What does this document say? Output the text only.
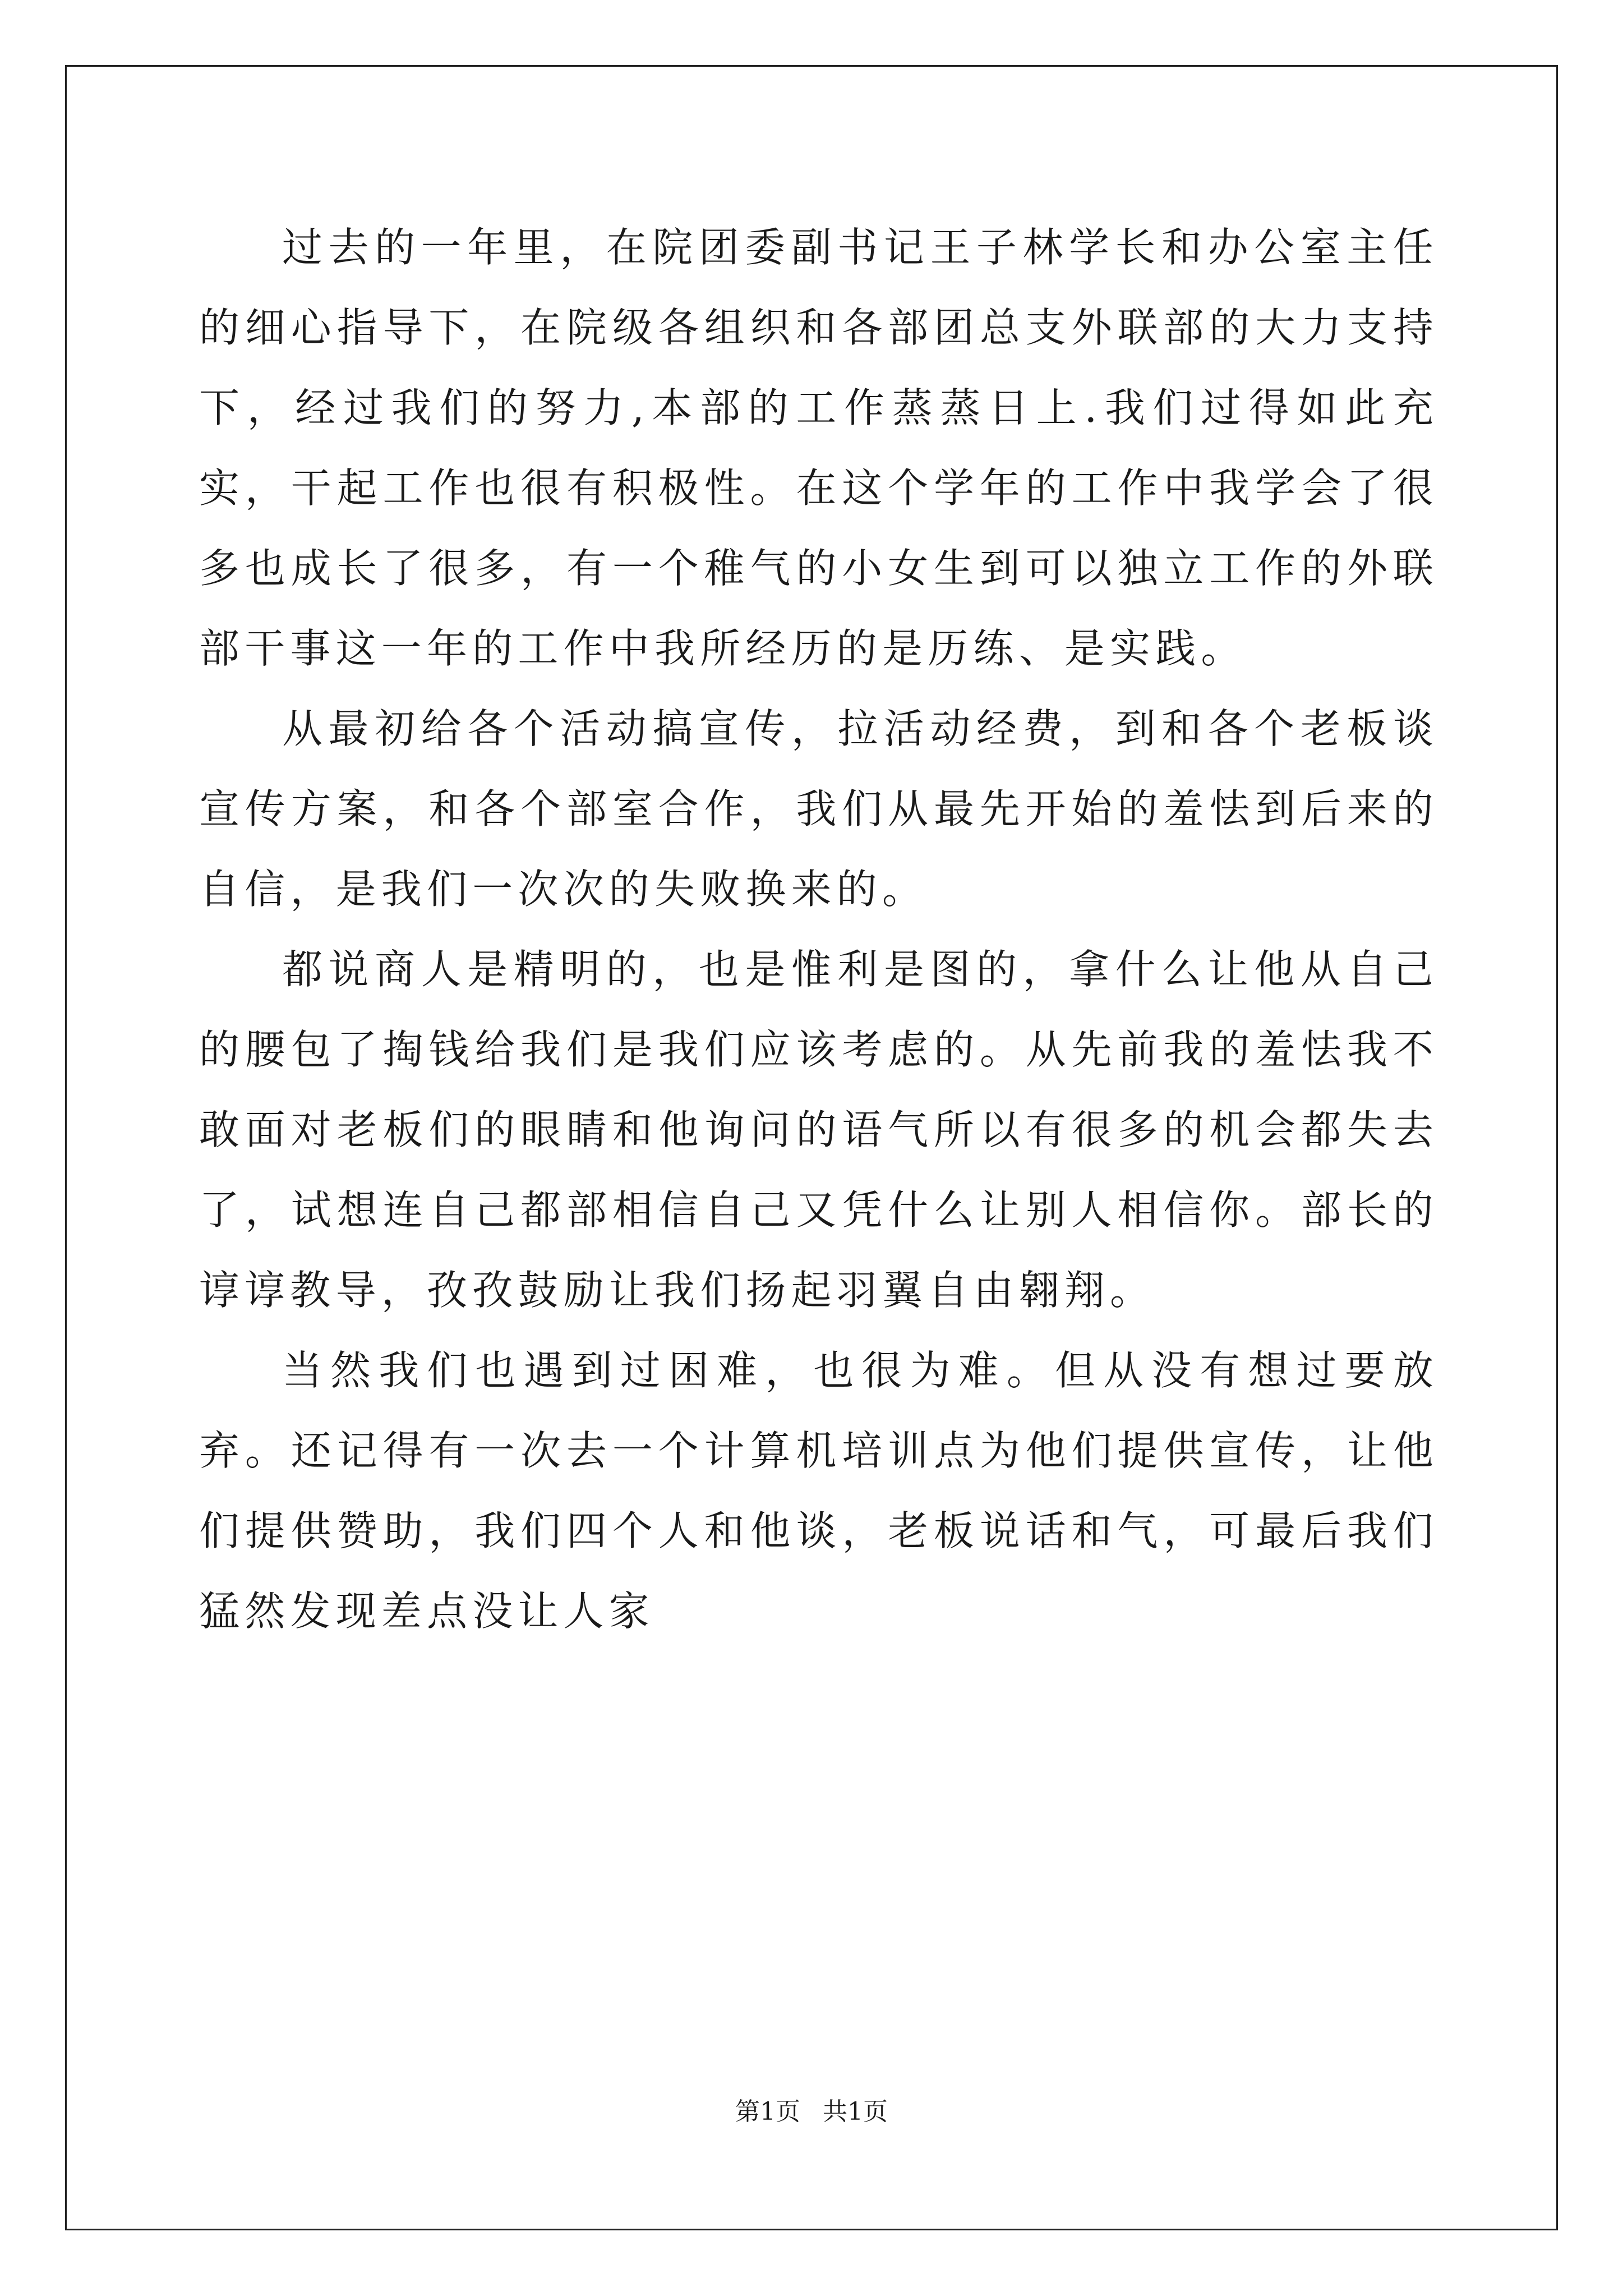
过去的一年里，在院团委副书记王子林学长和办公室主任的细心指导下，在院级各组织和各部团总支外联部的大力支持下，经过我们的努力,本部的工作蒸蒸日上.我们过得如此充实，干起工作也很有积极性。在这个学年的工作中我学会了很多也成长了很多，有一个稚气的小女生到可以独立工作的外联部干事这一年的工作中我所经历的是历练、是实践。

从最初给各个活动搞宣传，拉活动经费，到和各个老板谈宣传方案，和各个部室合作，我们从最先开始的羞怯到后来的自信，是我们一次次的失败换来的。

都说商人是精明的，也是惟利是图的，拿什么让他从自己的腰包了掏钱给我们是我们应该考虑的。从先前我的羞怯我不敢面对老板们的眼睛和他询问的语气所以有很多的机会都失去了，试想连自己都部相信自己又凭什么让别人相信你。部长的谆谆教导，孜孜鼓励让我们扬起羽翼自由翱翔。

当然我们也遇到过困难，也很为难。但从没有想过要放弃。还记得有一次去一个计算机培训点为他们提供宣传，让他们提供赞助，我们四个人和他谈，老板说话和气，可最后我们猛然发现差点没让人家

第1页 共1页
